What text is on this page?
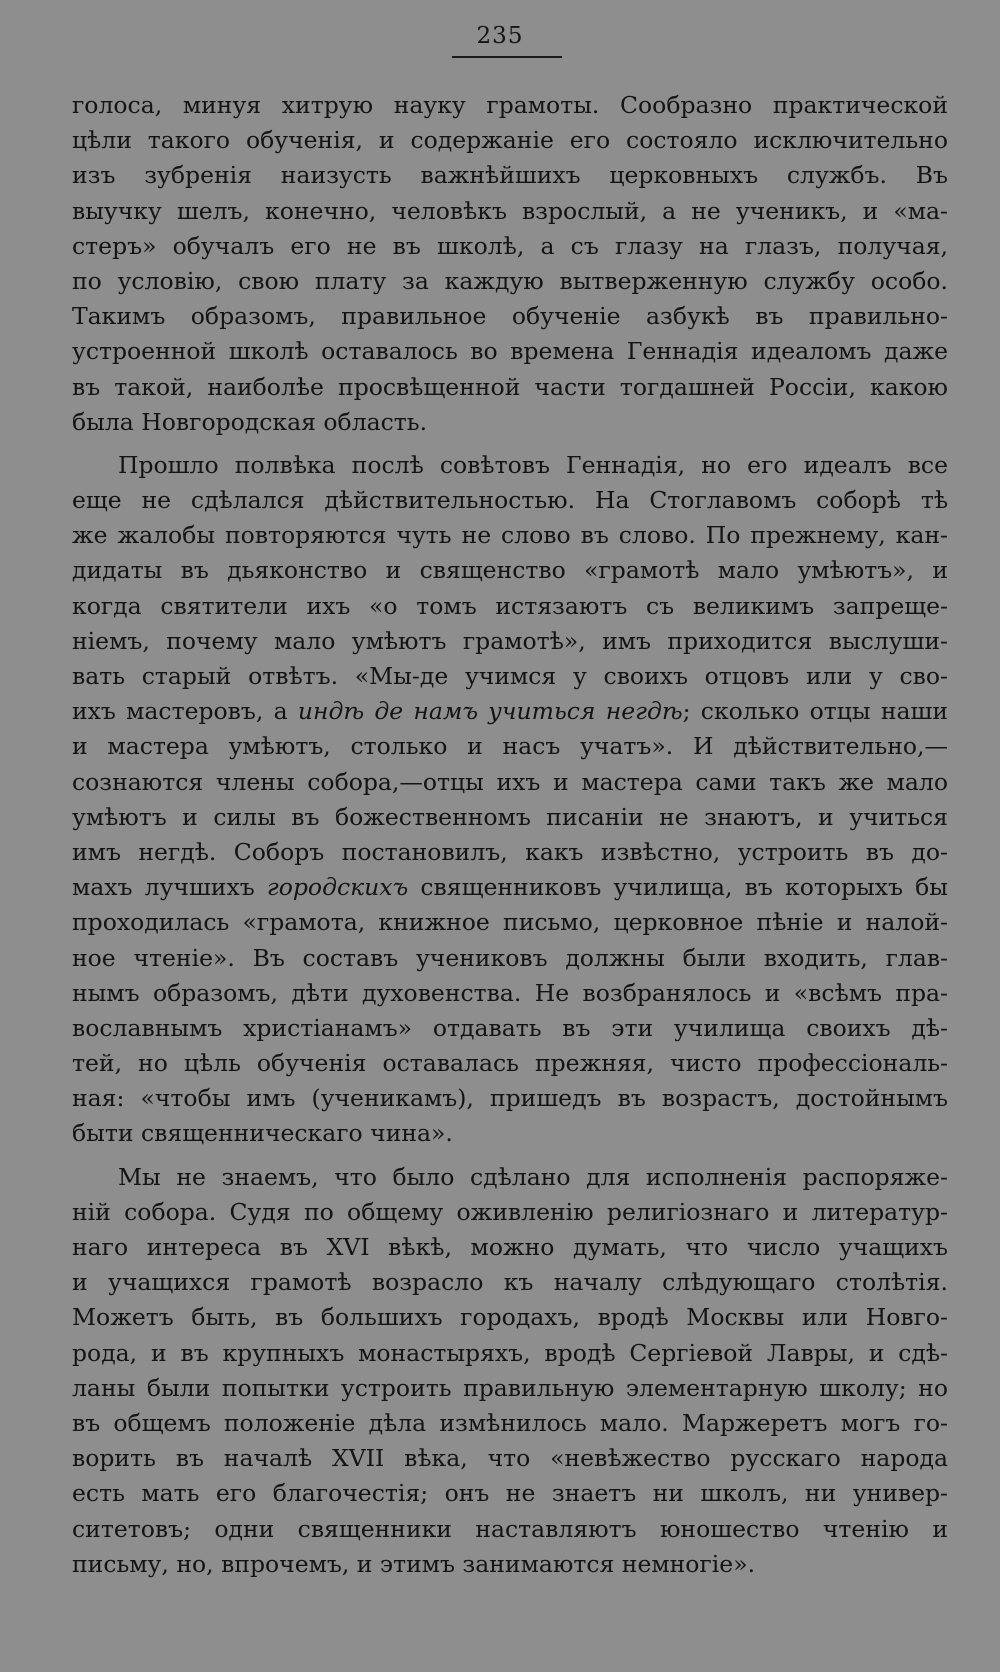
235
голоса, минуя хитрую науку грамоты. Сообразно практической
цѣли такого обученія, и содержаніе его состояло исключительно
изъ зубренія наизусть важнѣйшихъ церковныхъ службъ. Въ
выучку шелъ, конечно, человѣкъ взрослый, а не ученикъ, и «ма-
стеръ» обучалъ его не въ школѣ, а съ глазу на глазъ, получая,
по условію, свою плату за каждую вытверженную службу особо.
Такимъ образомъ, правильное обученіе азбукѣ въ правильно-
устроенной школѣ оставалось во времена Геннадія идеаломъ даже
въ такой, наиболѣе просвѣщенной части тогдашней Россіи, какою
была Новгородская область.
Прошло полвѣка послѣ совѣтовъ Геннадія, но его идеалъ все
еще не сдѣлался дѣйствительностью. На Стоглавомъ соборѣ тѣ
же жалобы повторяются чуть не слово въ слово. По прежнему, кан-
дидаты въ дьяконство и священство «грамотѣ мало умѣютъ», и
когда святители ихъ «о томъ истязаютъ съ великимъ запреще-
ніемъ, почему мало умѣютъ грамотѣ», имъ приходится выслуши-
вать старый отвѣтъ. «Мы-де учимся у своихъ отцовъ или у сво-
ихъ мастеровъ, а индѣ де намъ учиться негдѣ; сколько отцы наши
и мастера умѣютъ, столько и насъ учатъ». И дѣйствительно,—
сознаются члены собора,—отцы ихъ и мастера сами такъ же мало
умѣютъ и силы въ божественномъ писаніи не знаютъ, и учиться
имъ негдѣ. Соборъ постановилъ, какъ извѣстно, устроить въ до-
махъ лучшихъ городскихъ священниковъ училища, въ которыхъ бы
проходилась «грамота, книжное письмо, церковное пѣніе и налой-
ное чтеніе». Въ составъ учениковъ должны были входить, глав-
нымъ образомъ, дѣти духовенства. Не возбранялось и «всѣмъ пра-
вославнымъ христіанамъ» отдавать въ эти училища своихъ дѣ-
тей, но цѣль обученія оставалась прежняя, чисто профессіональ-
ная: «чтобы имъ (ученикамъ), пришедъ въ возрастъ, достойнымъ
быти священническаго чина».
Мы не знаемъ, что было сдѣлано для исполненія распоряже-
ній собора. Судя по общему оживленію религіознаго и литератур-
наго интереса въ XVI вѣкѣ, можно думать, что число учащихъ
и учащихся грамотѣ возрасло къ началу слѣдующаго столѣтія.
Можетъ быть, въ большихъ городахъ, вродѣ Москвы или Новго-
рода, и въ крупныхъ монастыряхъ, вродѣ Сергіевой Лавры, и сдѣ-
ланы были попытки устроить правильную элементарную школу; но
въ общемъ положеніе дѣла измѣнилось мало. Маржеретъ могъ го-
ворить въ началѣ XVII вѣка, что «невѣжество русскаго народа
есть мать его благочестія; онъ не знаетъ ни школъ, ни универ-
ситетовъ; одни священники наставляютъ юношество чтенію и
письму, но, впрочемъ, и этимъ занимаются немногіе».
